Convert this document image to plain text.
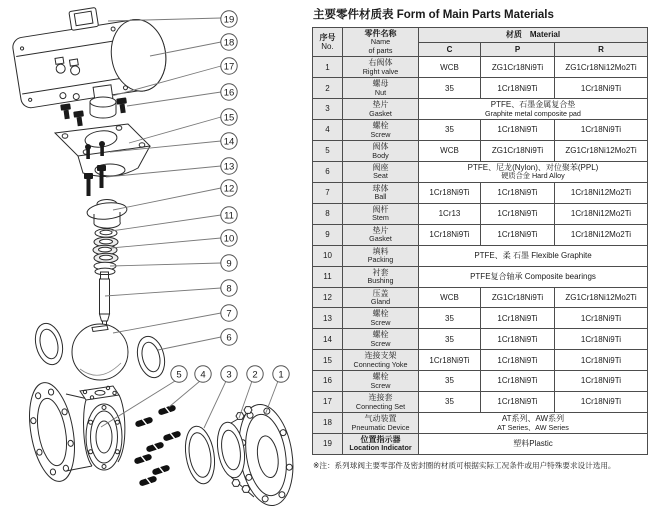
19
18
17
16
15
14
13
12
11
10
9
8
7
6
5 4 3 2 1
主要零件材质表 Form of Main Parts Materials
序号
No.

零件名称
Name
of parts
	材质　Material
		C	P	R
1	右阀体
Right valve	WCB	ZG1Cr18Ni9Ti	ZG1Cr18Ni12Mo2Ti
2	螺母
Nut	35	1Cr18Ni9Ti	1Cr18Ni9Ti
3	垫片
Gasket

PTFE、石墨金属复合垫
Graphite metal composite pad

4	螺栓
Screw	35	1Cr18Ni9Ti	1Cr18Ni9Ti
5	阀体
Body	WCB	ZG1Cr18Ni9Ti	ZG1Cr18Ni12Mo2Ti
6	阀座
Seat

PTFE、尼龙(Nylon)、对位聚苯(PPL)
硬质合金 Hard Alloy

7	球体
Ball	1Cr18Ni9Ti	1Cr18Ni9Ti	1Cr18Ni12Mo2Ti
8	阀杆
Stem	1Cr13	1Cr18Ni9Ti	1Cr18Ni12Mo2Ti
9	垫片
Gasket	1Cr18Ni9Ti	1Cr18Ni9Ti	1Cr18Ni12Mo2Ti
10	填料
Packing	PTFE、柔 石墨 Flexible Graphite		

11	衬套
Bushing	PTFE复合轴承 Composite bearings		

12	压盖
Gland	WCB	ZG1Cr18Ni9Ti	ZG1Cr18Ni12Mo2Ti
13	螺栓
Screw	35	1Cr18Ni9Ti	1Cr18Ni9Ti
14	螺栓
Screw	35	1Cr18Ni9Ti	1Cr18Ni9Ti
15	连接支架
Connecting Yoke	1Cr18Ni9Ti	1Cr18Ni9Ti	1Cr18Ni9Ti
16	螺栓
Screw	35	1Cr18Ni9Ti	1Cr18Ni9Ti
17	连接套
Connecting Set	35	1Cr18Ni9Ti	1Cr18Ni9Ti
18	气动装置
Pneumatic Device

AT系列、AW系列
AT Series、AW Series

19	位置指示器
Location Indicator	塑料Plastic		
※注：系列球阀主要零部件及密封圈的材质可根据实际工况条件或用户特殊要求设计选用。
